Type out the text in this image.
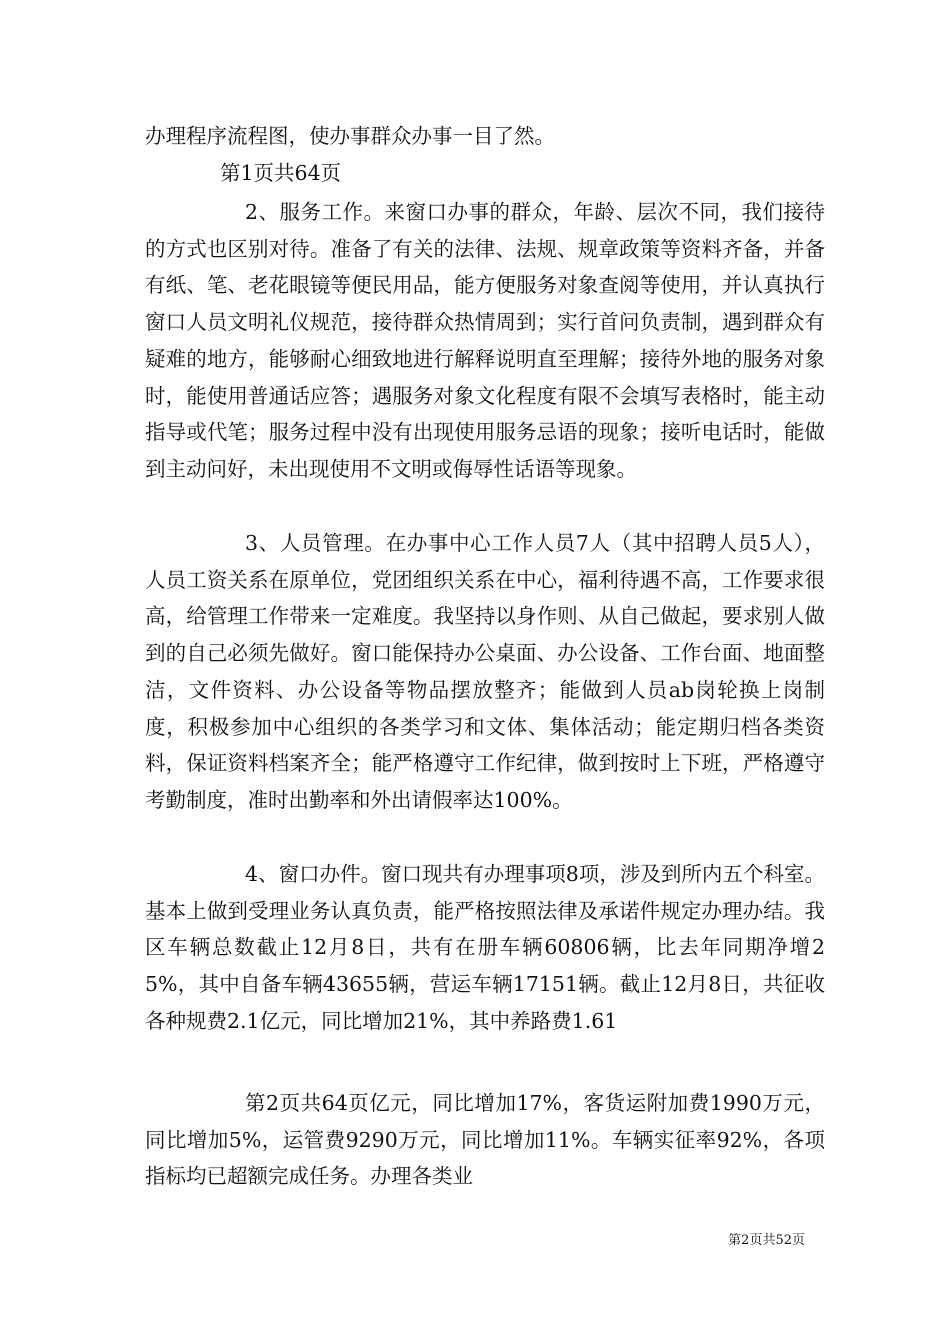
办理程序流程图，使办事群众办事一目了然。

第1页共64页

2、服务工作。来窗口办事的群众，年龄、层次不同，我们接待的方式也区别对待。准备了有关的法律、法规、规章政策等资料齐备，并备有纸、笔、老花眼镜等便民用品，能方便服务对象查阅等使用，并认真执行窗口人员文明礼仪规范，接待群众热情周到；实行首问负责制，遇到群众有疑难的地方，能够耐心细致地进行解释说明直至理解；接待外地的服务对象时，能使用普通话应答；遇服务对象文化程度有限不会填写表格时，能主动指导或代笔；服务过程中没有出现使用服务忌语的现象；接听电话时，能做到主动问好，未出现使用不文明或侮辱性话语等现象。

3、人员管理。在办事中心工作人员7人（其中招聘人员5人），人员工资关系在原单位，党团组织关系在中心，福利待遇不高，工作要求很高，给管理工作带来一定难度。我坚持以身作则、从自己做起，要求别人做到的自己必须先做好。窗口能保持办公桌面、办公设备、工作台面、地面整洁，文件资料、办公设备等物品摆放整齐；能做到人员ab岗轮换上岗制度，积极参加中心组织的各类学习和文体、集体活动；能定期归档各类资料，保证资料档案齐全；能严格遵守工作纪律，做到按时上下班，严格遵守考勤制度，准时出勤率和外出请假率达100%。

4、窗口办件。窗口现共有办理事项8项，涉及到所内五个科室。基本上做到受理业务认真负责，能严格按照法律及承诺件规定办理办结。我区车辆总数截止12月8日，共有在册车辆60806辆，比去年同期净增25%，其中自备车辆43655辆，营运车辆17151辆。截止12月8日，共征收各种规费2.1亿元，同比增加21%，其中养路费1.61

第2页共64页亿元，同比增加17%，客货运附加费1990万元，同比增加5%，运管费9290万元，同比增加11%。车辆实征率92%，各项指标均已超额完成任务。办理各类业

第2页共52页
